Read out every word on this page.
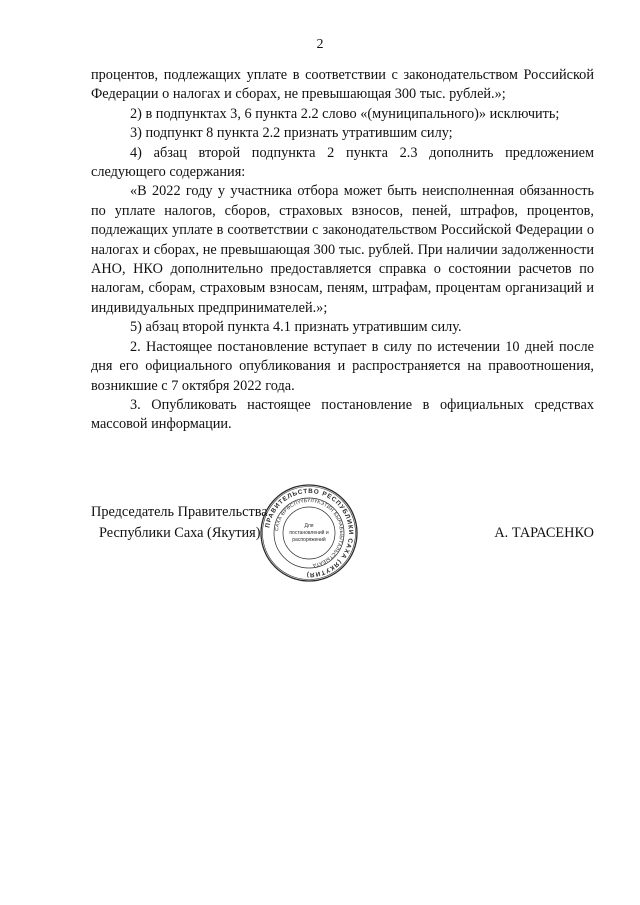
2

процентов, подлежащих уплате в соответствии с законодательством Российской Федерации о налогах и сборах, не превышающая 300 тыс. рублей.»;

2) в подпунктах 3, 6 пункта 2.2 слово «(муниципального)» исключить;

3) подпункт 8 пункта 2.2 признать утратившим силу;

4) абзац второй подпункта 2 пункта 2.3 дополнить предложением следующего содержания:

«В 2022 году у участника отбора может быть неисполненная обязанность по уплате налогов, сборов, страховых взносов, пеней, штрафов, процентов, подлежащих уплате в соответствии с законодательством Российской Федерации о налогах и сборах, не превышающая 300 тыс. рублей. При наличии задолженности АНО, НКО дополнительно предоставляется справка о состоянии расчетов по налогам, сборам, страховым взносам, пеням, штрафам, процентам организаций и индивидуальных предпринимателей.»;

5) абзац второй пункта 4.1 признать утратившим силу.

2. Настоящее постановление вступает в силу по истечении 10 дней после дня его официального опубликования и распространяется на правоотношения, возникшие с 7 октября 2022 года.

3. Опубликовать настоящее постановление в официальных средствах массовой информации.

Председатель Правительства
Республики Саха (Якутия) ПРАВИТЕЛЬСТВО РЕСПУБЛИКИ САХА (ЯКУТИЯ)
САХА ӨРӨСПҮҮБҮЛҮКЭТИН БЫРАБЫЫТАЛЬСТЫБАТА
Для
постановлений и
распоряжений	А. ТАРАСЕНКО
